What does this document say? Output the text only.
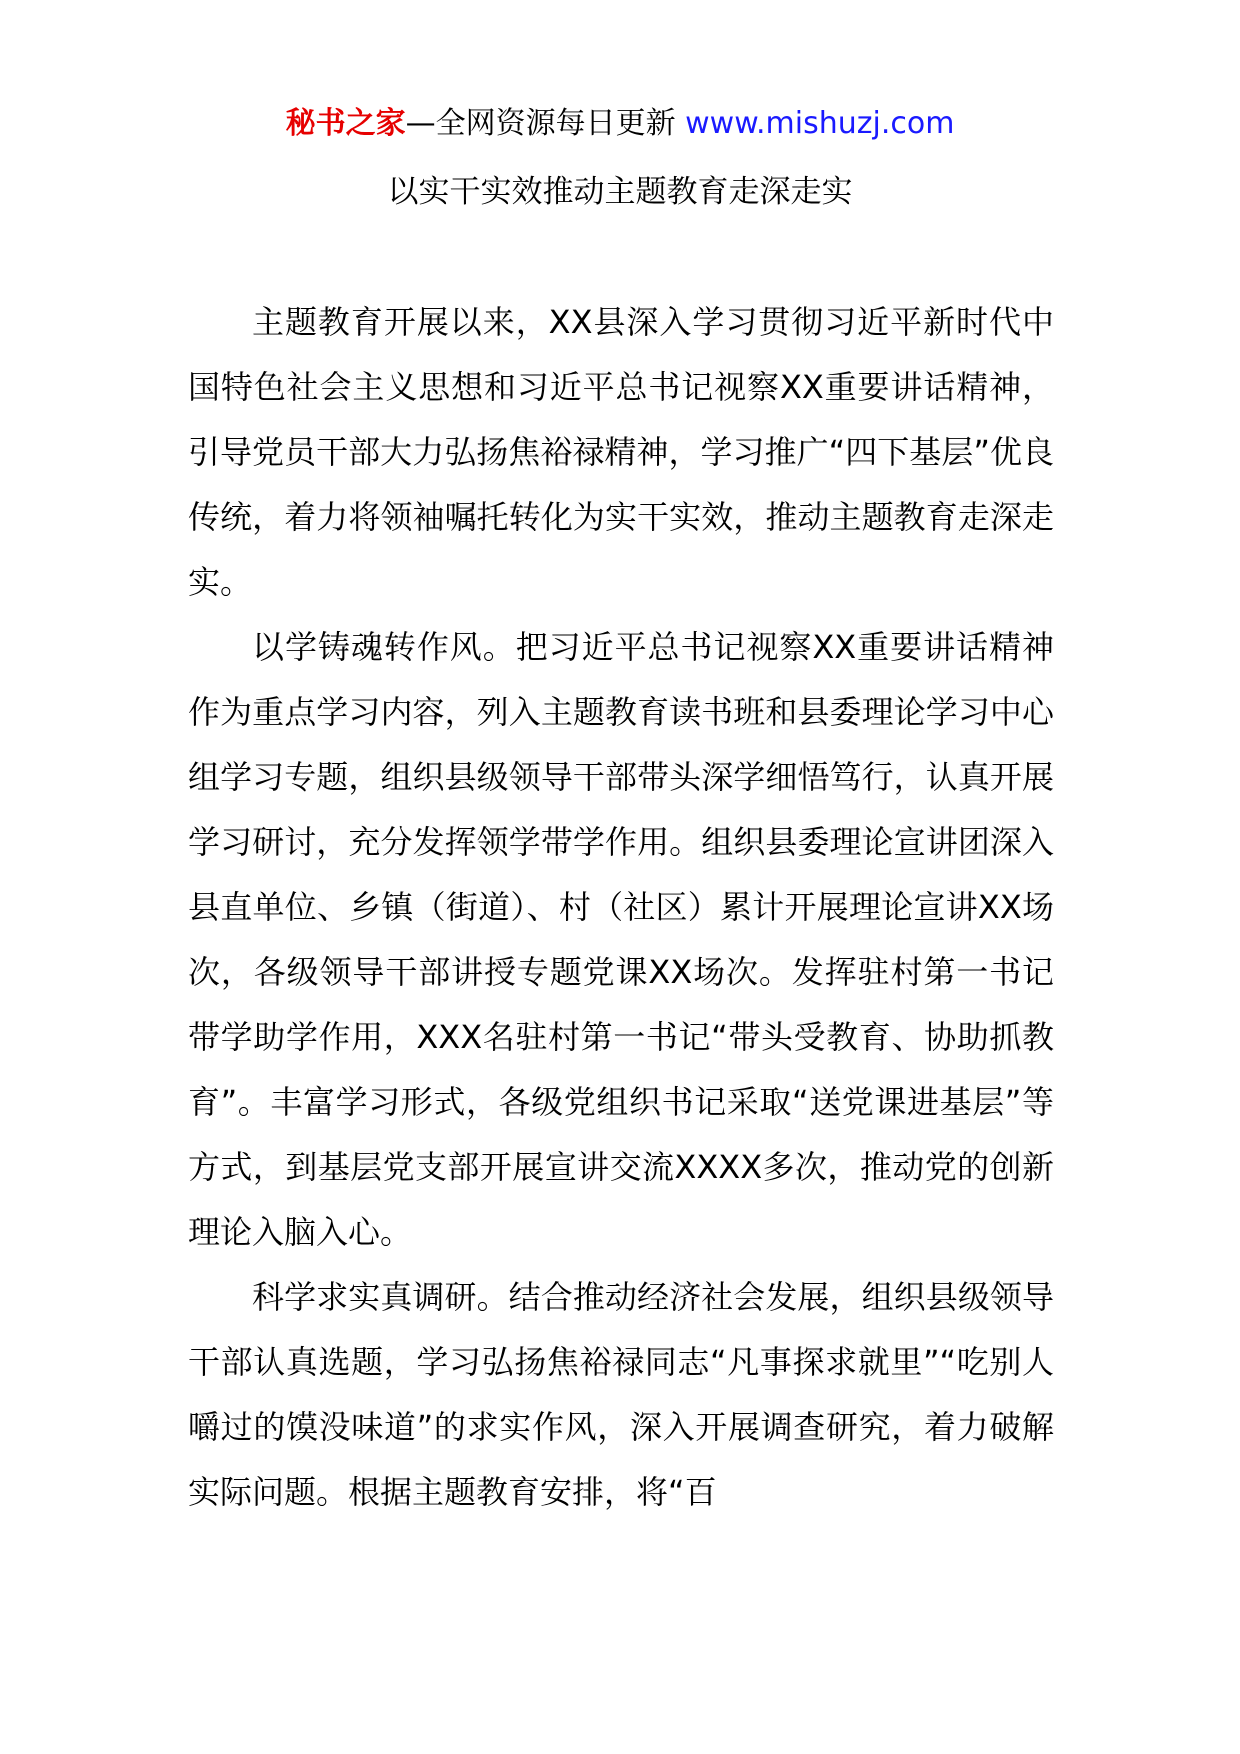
秘书之家—全网资源每日更新 www.mishuzj.com
以实干实效推动主题教育走深走实

主题教育开展以来，XX县深入学习贯彻习近平新时代中国特色社会主义思想和习近平总书记视察XX重要讲话精神，引导党员干部大力弘扬焦裕禄精神，学习推广“四下基层”优良传统，着力将领袖嘱托转化为实干实效，推动主题教育走深走实。

以学铸魂转作风。把习近平总书记视察XX重要讲话精神作为重点学习内容，列入主题教育读书班和县委理论学习中心组学习专题，组织县级领导干部带头深学细悟笃行，认真开展学习研讨，充分发挥领学带学作用。组织县委理论宣讲团深入县直单位、乡镇（街道）、村（社区）累计开展理论宣讲XX场次，各级领导干部讲授专题党课XX场次。发挥驻村第一书记带学助学作用，XXX名驻村第一书记“带头受教育、协助抓教育”。丰富学习形式，各级党组织书记采取“送党课进基层”等方式，到基层党支部开展宣讲交流XXXX多次，推动党的创新理论入脑入心。

科学求实真调研。结合推动经济社会发展，组织县级领导干部认真选题，学习弘扬焦裕禄同志“凡事探求就里”“吃别人嚼过的馍没味道”的求实作风，深入开展调查研究，着力破解实际问题。根据主题教育安排，将“百
